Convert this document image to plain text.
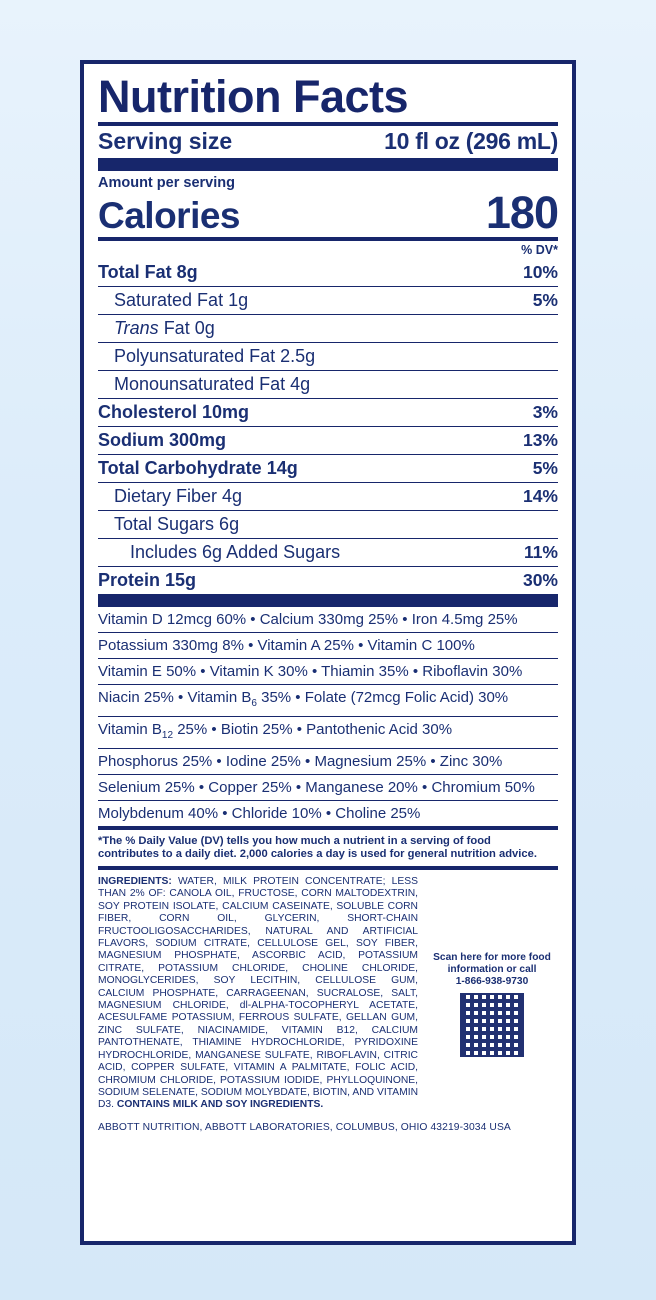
Nutrition Facts
Serving size	10 fl oz (296 mL)
Amount per serving
Calories	180
% DV*
Total Fat 8g	10%
Saturated Fat 1g	5%
Trans Fat 0g
Polyunsaturated Fat 2.5g
Monounsaturated Fat 4g
Cholesterol 10mg	3%
Sodium 300mg	13%
Total Carbohydrate 14g	5%
Dietary Fiber 4g	14%
Total Sugars 6g
Includes 6g Added Sugars	11%
Protein 15g	30%
Vitamin D 12mcg 60% • Calcium 330mg 25% • Iron 4.5mg 25%
Potassium 330mg 8% • Vitamin A 25% • Vitamin C 100%
Vitamin E 50% • Vitamin K 30% • Thiamin 35% • Riboflavin 30%
Niacin 25% • Vitamin $B_6$ 35% • Folate (72mcg Folic Acid) 30%
Vitamin $B_{12}$ 25% • Biotin 25% • Pantothenic Acid 30%
Phosphorus 25% • Iodine 25% • Magnesium 25% • Zinc 30%
Selenium 25% • Copper 25% • Manganese 20% • Chromium 50%
Molybdenum 40% • Chloride 10% • Choline 25%
*The % Daily Value (DV) tells you how much a nutrient in a serving of food
contributes to a daily diet. 2,000 calories a day is used for general nutrition advice.
INGREDIENTS: WATER, MILK PROTEIN CONCENTRATE; LESS THAN 2% OF: CANOLA OIL, FRUCTOSE, CORN MALTODEXTRIN, SOY PROTEIN ISOLATE, CALCIUM CASEINATE, SOLUBLE CORN FIBER, CORN OIL, GLYCERIN, SHORT-CHAIN FRUCTOOLIGOSACCHARIDES, NATURAL AND ARTIFICIAL FLAVORS, SODIUM CITRATE, CELLULOSE GEL, SOY FIBER, MAGNESIUM PHOSPHATE, ASCORBIC ACID, POTASSIUM CITRATE, POTASSIUM CHLORIDE, CHOLINE CHLORIDE, MONOGLYCERIDES, SOY LECITHIN, CELLULOSE GUM, CALCIUM PHOSPHATE, CARRAGEENAN, SUCRALOSE, SALT, MAGNESIUM CHLORIDE, dl-ALPHA-TOCOPHERYL ACETATE, ACESULFAME POTASSIUM, FERROUS SULFATE, GELLAN GUM, ZINC SULFATE, NIACINAMIDE, VITAMIN B12, CALCIUM PANTOTHENATE, THIAMINE HYDROCHLORIDE, PYRIDOXINE HYDROCHLORIDE, MANGANESE SULFATE, RIBOFLAVIN, CITRIC ACID, COPPER SULFATE, VITAMIN A PALMITATE, FOLIC ACID, CHROMIUM CHLORIDE, POTASSIUM IODIDE, PHYLLOQUINONE, SODIUM SELENATE, SODIUM MOLYBDATE, BIOTIN, AND VITAMIN D3. CONTAINS MILK AND SOY INGREDIENTS.
Scan here for more food
information or call
1-866-938-9730
ABBOTT NUTRITION, ABBOTT LABORATORIES, COLUMBUS, OHIO 43219-3034 USA
